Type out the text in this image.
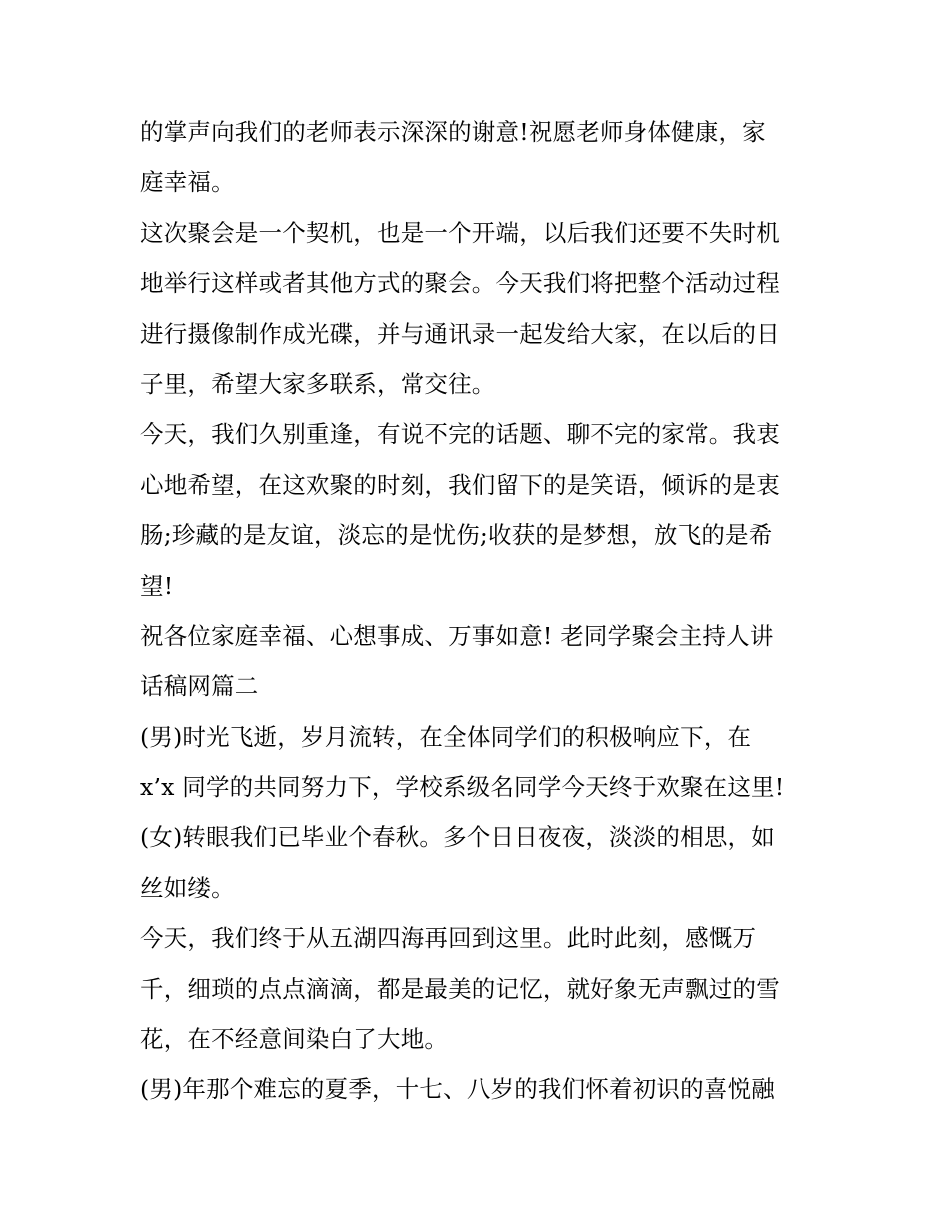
的掌声向我们的老师表示深深的谢意!祝愿老师身体健康，家
庭幸福。
这次聚会是一个契机，也是一个开端，以后我们还要不失时机
地举行这样或者其他方式的聚会。今天我们将把整个活动过程
进行摄像制作成光碟，并与通讯录一起发给大家，在以后的日
子里，希望大家多联系，常交往。
今天，我们久别重逢，有说不完的话题、聊不完的家常。我衷
心地希望，在这欢聚的时刻，我们留下的是笑语，倾诉的是衷
肠;珍藏的是友谊，淡忘的是忧伤;收获的是梦想，放飞的是希
望!
祝各位家庭幸福、心想事成、万事如意! 老同学聚会主持人讲
话稿网篇二
(男)时光飞逝，岁月流转，在全体同学们的积极响应下，在
x’x 同学的共同努力下，学校系级名同学今天终于欢聚在这里!
(女)转眼我们已毕业个春秋。多个日日夜夜，淡淡的相思，如
丝如缕。
今天，我们终于从五湖四海再回到这里。此时此刻，感慨万
千，细琐的点点滴滴，都是最美的记忆，就好象无声飘过的雪
花，在不经意间染白了大地。
(男)年那个难忘的夏季，十七、八岁的我们怀着初识的喜悦融
